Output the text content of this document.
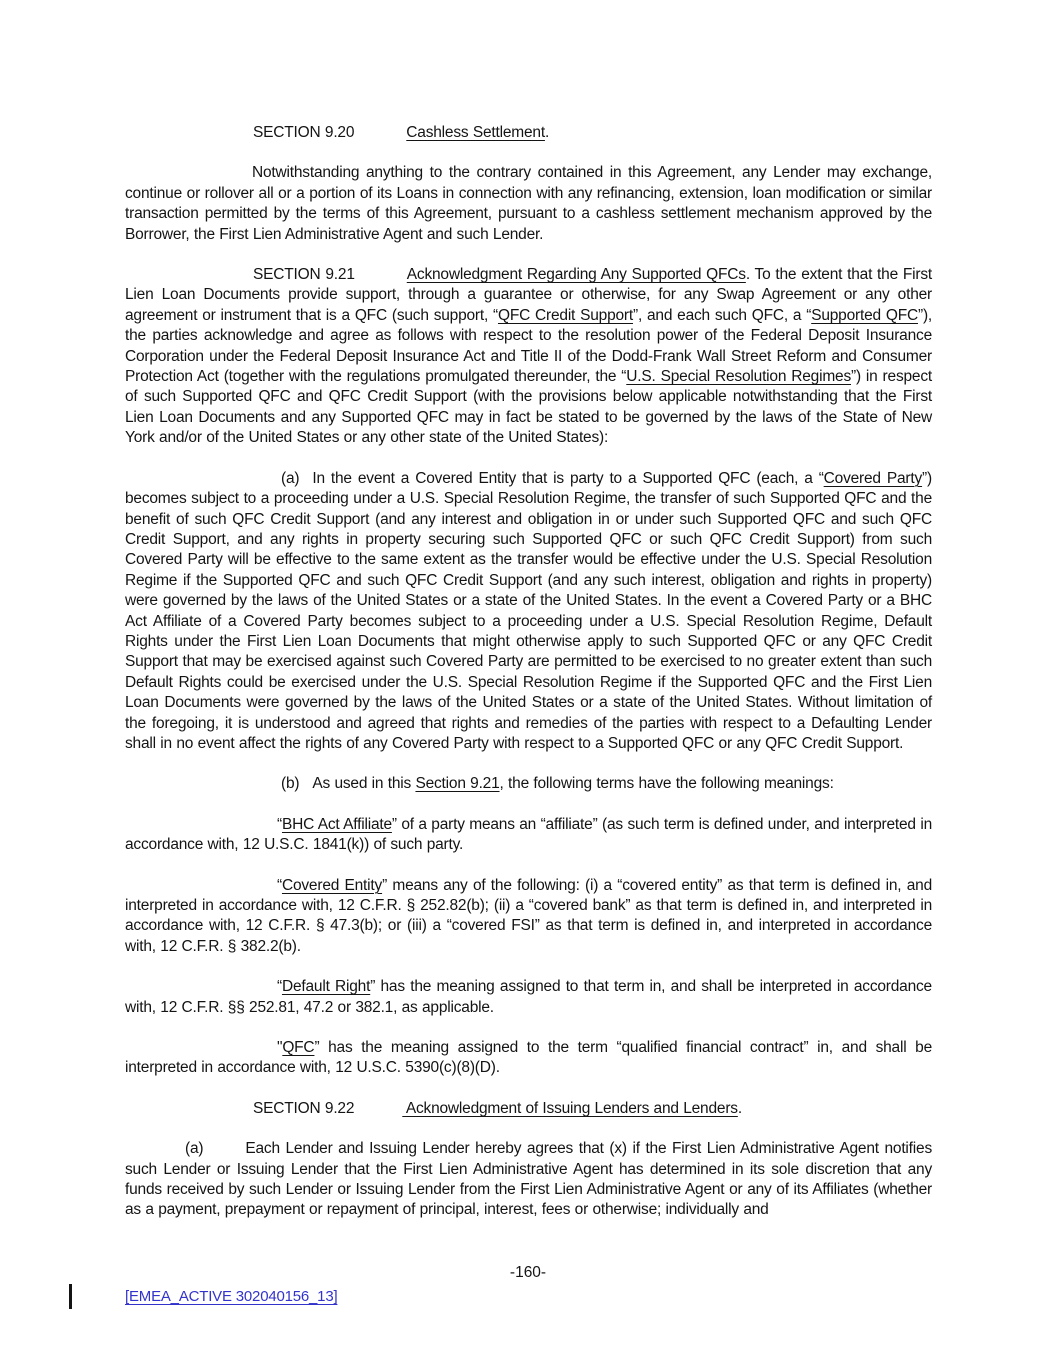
SECTION 9.20	Cashless Settlement.

Notwithstanding anything to the contrary contained in this Agreement, any Lender may exchange, continue or rollover all or a portion of its Loans in connection with any refinancing, extension, loan modification or similar transaction permitted by the terms of this Agreement, pursuant to a cashless settlement mechanism approved by the Borrower, the First Lien Administrative Agent and such Lender.

SECTION 9.21	Acknowledgment Regarding Any Supported QFCs. To the extent that the First Lien Loan Documents provide support, through a guarantee or otherwise, for any Swap Agreement or any other agreement or instrument that is a QFC (such support, “QFC Credit Support”, and each such QFC, a “Supported QFC”), the parties acknowledge and agree as follows with respect to the resolution power of the Federal Deposit Insurance Corporation under the Federal Deposit Insurance Act and Title II of the Dodd-Frank Wall Street Reform and Consumer Protection Act (together with the regulations promulgated thereunder, the “U.S. Special Resolution Regimes”) in respect of such Supported QFC and QFC Credit Support (with the provisions below applicable notwithstanding that the First Lien Loan Documents and any Supported QFC may in fact be stated to be governed by the laws of the State of New York and/or of the United States or any other state of the United States):

(a) In the event a Covered Entity that is party to a Supported QFC (each, a “Covered Party”) becomes subject to a proceeding under a U.S. Special Resolution Regime, the transfer of such Supported QFC and the benefit of such QFC Credit Support (and any interest and obligation in or under such Supported QFC and such QFC Credit Support, and any rights in property securing such Supported QFC or such QFC Credit Support) from such Covered Party will be effective to the same extent as the transfer would be effective under the U.S. Special Resolution Regime if the Supported QFC and such QFC Credit Support (and any such interest, obligation and rights in property) were governed by the laws of the United States or a state of the United States. In the event a Covered Party or a BHC Act Affiliate of a Covered Party becomes subject to a proceeding under a U.S. Special Resolution Regime, Default Rights under the First Lien Loan Documents that might otherwise apply to such Supported QFC or any QFC Credit Support that may be exercised against such Covered Party are permitted to be exercised to no greater extent than such Default Rights could be exercised under the U.S. Special Resolution Regime if the Supported QFC and the First Lien Loan Documents were governed by the laws of the United States or a state of the United States. Without limitation of the foregoing, it is understood and agreed that rights and remedies of the parties with respect to a Defaulting Lender shall in no event affect the rights of any Covered Party with respect to a Supported QFC or any QFC Credit Support.

(b) As used in this Section 9.21, the following terms have the following meanings:

“BHC Act Affiliate” of a party means an “affiliate” (as such term is defined under, and interpreted in accordance with, 12 U.S.C. 1841(k)) of such party.

“Covered Entity” means any of the following: (i) a “covered entity” as that term is defined in, and interpreted in accordance with, 12 C.F.R. § 252.82(b); (ii) a “covered bank” as that term is defined in, and interpreted in accordance with, 12 C.F.R. § 47.3(b); or (iii) a “covered FSI” as that term is defined in, and interpreted in accordance with, 12 C.F.R. § 382.2(b).

“Default Right” has the meaning assigned to that term in, and shall be interpreted in accordance with, 12 C.F.R. §§ 252.81, 47.2 or 382.1, as applicable.

"QFC” has the meaning assigned to the term “qualified financial contract” in, and shall be interpreted in accordance with, 12 U.S.C. 5390(c)(8)(D).

SECTION 9.22	Acknowledgment of Issuing Lenders and Lenders.

(a)	Each Lender and Issuing Lender hereby agrees that (x) if the First Lien Administrative Agent notifies such Lender or Issuing Lender that the First Lien Administrative Agent has determined in its sole discretion that any funds received by such Lender or Issuing Lender from the First Lien Administrative Agent or any of its Affiliates (whether as a payment, prepayment or repayment of principal, interest, fees or otherwise; individually and

-160-
[EMEA_ACTIVE 302040156_13]
